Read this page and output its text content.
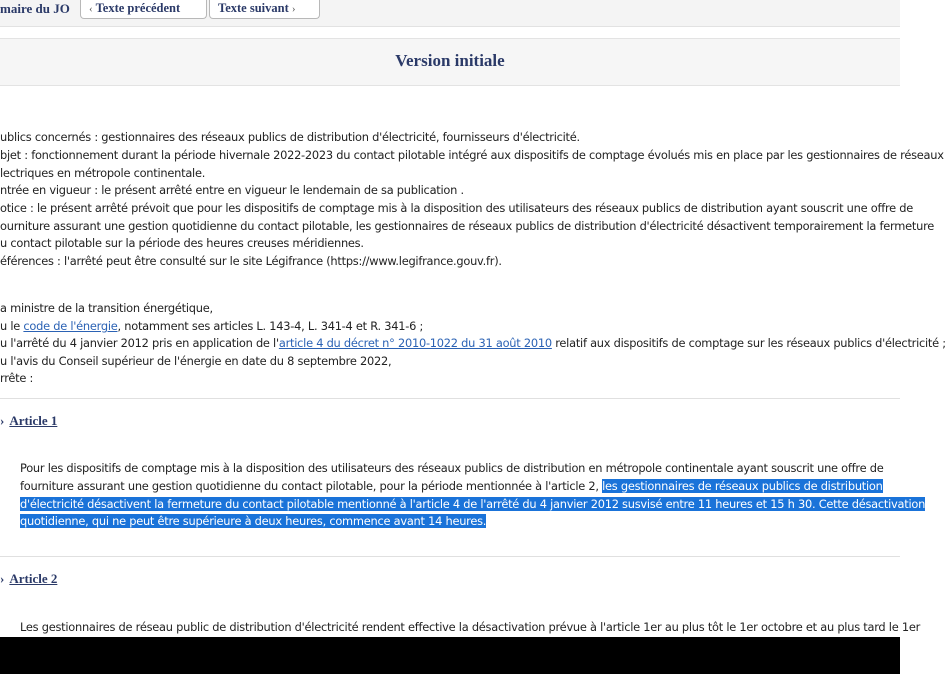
maire du JO	‹ Texte précédent	Texte suivant ›
Version initiale
ublics concernés : gestionnaires des réseaux publics de distribution d'électricité, fournisseurs d'électricité.
bjet : fonctionnement durant la période hivernale 2022-2023 du contact pilotable intégré aux dispositifs de comptage évolués mis en place par les gestionnaires de réseaux
lectriques en métropole continentale.
ntrée en vigueur : le présent arrêté entre en vigueur le lendemain de sa publication .
otice : le présent arrêté prévoit que pour les dispositifs de comptage mis à la disposition des utilisateurs des réseaux publics de distribution ayant souscrit une offre de
ourniture assurant une gestion quotidienne du contact pilotable, les gestionnaires de réseaux publics de distribution d'électricité désactivent temporairement la fermeture
u contact pilotable sur la période des heures creuses méridiennes.
éférences : l'arrêté peut être consulté sur le site Légifrance (https://www.legifrance.gouv.fr).
a ministre de la transition énergétique,
u le code de l'énergie, notamment ses articles L. 143-4, L. 341-4 et R. 341-6 ;
u l'arrêté du 4 janvier 2012 pris en application de l'article 4 du décret n° 2010-1022 du 31 août 2010 relatif aux dispositifs de comptage sur les réseaux publics d'électricité ;
u l'avis du Conseil supérieur de l'énergie en date du 8 septembre 2022,
rrête :
› Article 1
Pour les dispositifs de comptage mis à la disposition des utilisateurs des réseaux publics de distribution en métropole continentale ayant souscrit une offre de
fourniture assurant une gestion quotidienne du contact pilotable, pour la période mentionnée à l'article 2, les gestionnaires de réseaux publics de distribution
d'électricité désactivent la fermeture du contact pilotable mentionné à l'article 4 de l'arrêté du 4 janvier 2012 susvisé entre 11 heures et 15 h 30. Cette désactivation
quotidienne, qui ne peut être supérieure à deux heures, commence avant 14 heures.
› Article 2
Les gestionnaires de réseau public de distribution d'électricité rendent effective la désactivation prévue à l'article 1er au plus tôt le 1er octobre et au plus tard le 1er
